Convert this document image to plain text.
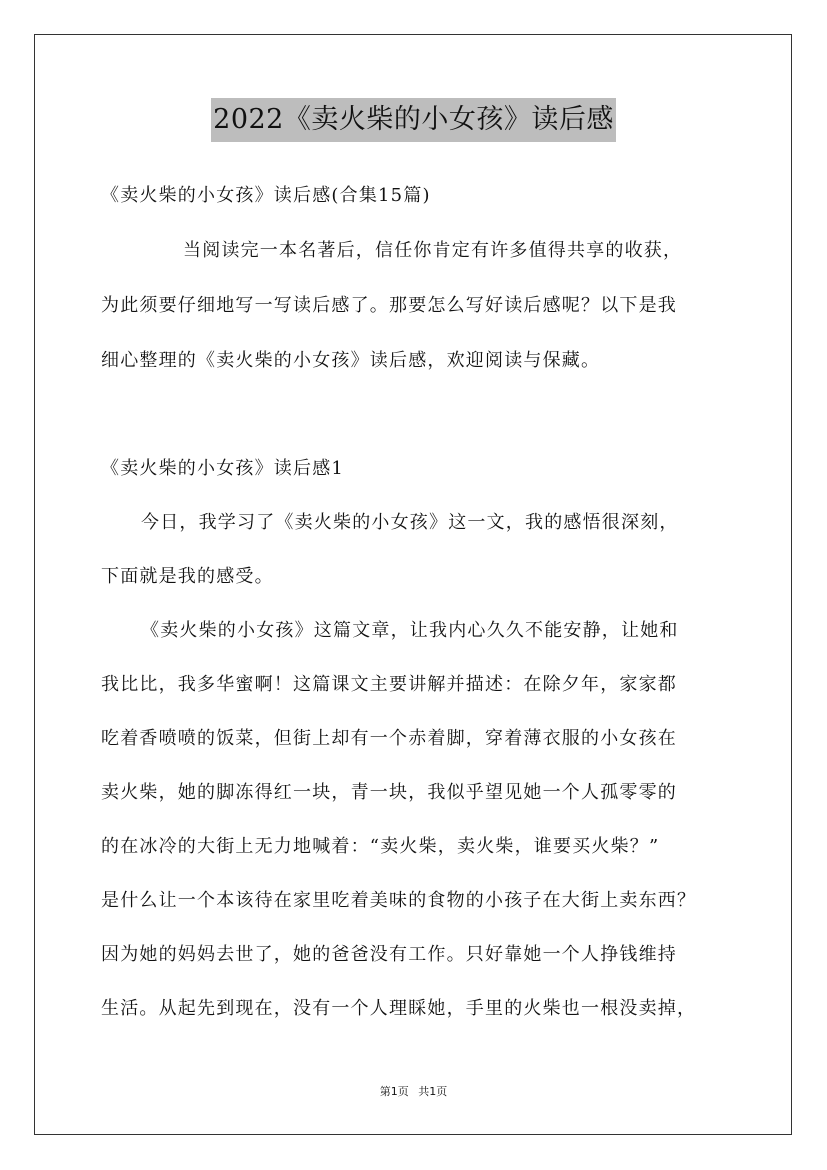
2022《卖火柴的小女孩》读后感
《卖火柴的小女孩》读后感(合集15篇)
当阅读完一本名著后，信任你肯定有许多值得共享的收获，
为此须要仔细地写一写读后感了。那要怎么写好读后感呢？以下是我
细心整理的《卖火柴的小女孩》读后感，欢迎阅读与保藏。
《卖火柴的小女孩》读后感1
今日，我学习了《卖火柴的小女孩》这一文，我的感悟很深刻，
下面就是我的感受。
《卖火柴的小女孩》这篇文章，让我内心久久不能安静，让她和
我比比，我多华蜜啊！这篇课文主要讲解并描述：在除夕年，家家都
吃着香喷喷的饭菜，但街上却有一个赤着脚，穿着薄衣服的小女孩在
卖火柴，她的脚冻得红一块，青一块，我似乎望见她一个人孤零零的
的在冰冷的大街上无力地喊着：“卖火柴，卖火柴，谁要买火柴？”
是什么让一个本该待在家里吃着美味的食物的小孩子在大街上卖东西？
因为她的妈妈去世了，她的爸爸没有工作。只好靠她一个人挣钱维持
生活。从起先到现在，没有一个人理睬她，手里的火柴也一根没卖掉，
第1页 共1页
